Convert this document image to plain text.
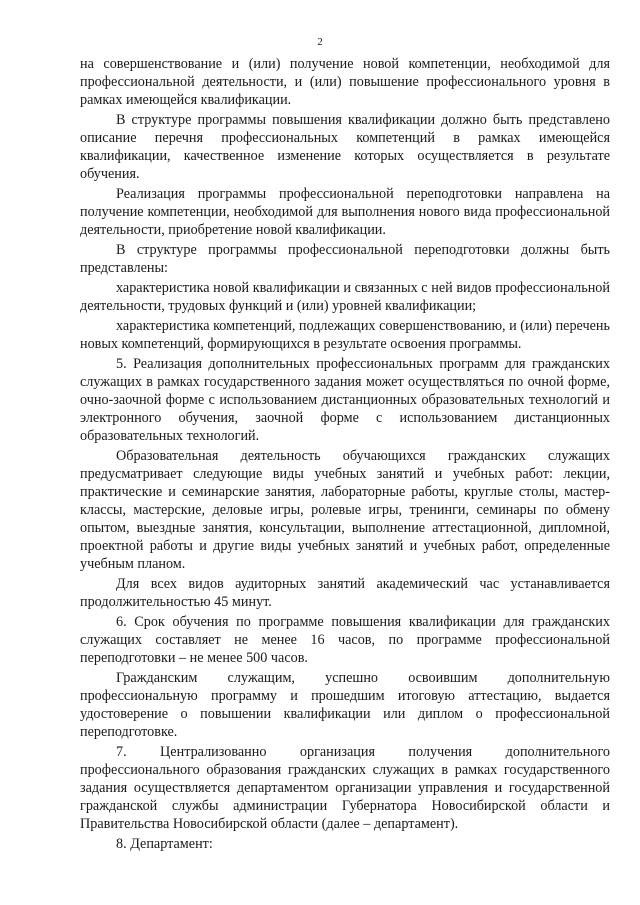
2

на совершенствование и (или) получение новой компетенции, необходимой для профессиональной деятельности, и (или) повышение профессионального уровня в рамках имеющейся квалификации.

В структуре программы повышения квалификации должно быть представлено описание перечня профессиональных компетенций в рамках имеющейся квалификации, качественное изменение которых осуществляется в результате обучения.

Реализация программы профессиональной переподготовки направлена на получение компетенции, необходимой для выполнения нового вида профессиональной деятельности, приобретение новой квалификации.

В структуре программы профессиональной переподготовки должны быть представлены:

характеристика новой квалификации и связанных с ней видов профессиональной деятельности, трудовых функций и (или) уровней квалификации;

характеристика компетенций, подлежащих совершенствованию, и (или) перечень новых компетенций, формирующихся в результате освоения программы.

5. Реализация дополнительных профессиональных программ для гражданских служащих в рамках государственного задания может осуществляться по очной форме, очно-заочной форме с использованием дистанционных образовательных технологий и электронного обучения, заочной форме с использованием дистанционных образовательных технологий.

Образовательная деятельность обучающихся гражданских служащих предусматривает следующие виды учебных занятий и учебных работ: лекции, практические и семинарские занятия, лабораторные работы, круглые столы, мастер-классы, мастерские, деловые игры, ролевые игры, тренинги, семинары по обмену опытом, выездные занятия, консультации, выполнение аттестационной, дипломной, проектной работы и другие виды учебных занятий и учебных работ, определенные учебным планом.

Для всех видов аудиторных занятий академический час устанавливается продолжительностью 45 минут.

6. Срок обучения по программе повышения квалификации для гражданских служащих составляет не менее 16 часов, по программе профессиональной переподготовки – не менее 500 часов.

Гражданским служащим, успешно освоившим дополнительную профессиональную программу и прошедшим итоговую аттестацию, выдается удостоверение о повышении квалификации или диплом о профессиональной переподготовке.

7. Централизованно организация получения дополнительного профессионального образования гражданских служащих в рамках государственного задания осуществляется департаментом организации управления и государственной гражданской службы администрации Губернатора Новосибирской области и Правительства Новосибирской области (далее – департамент).

8. Департамент:
